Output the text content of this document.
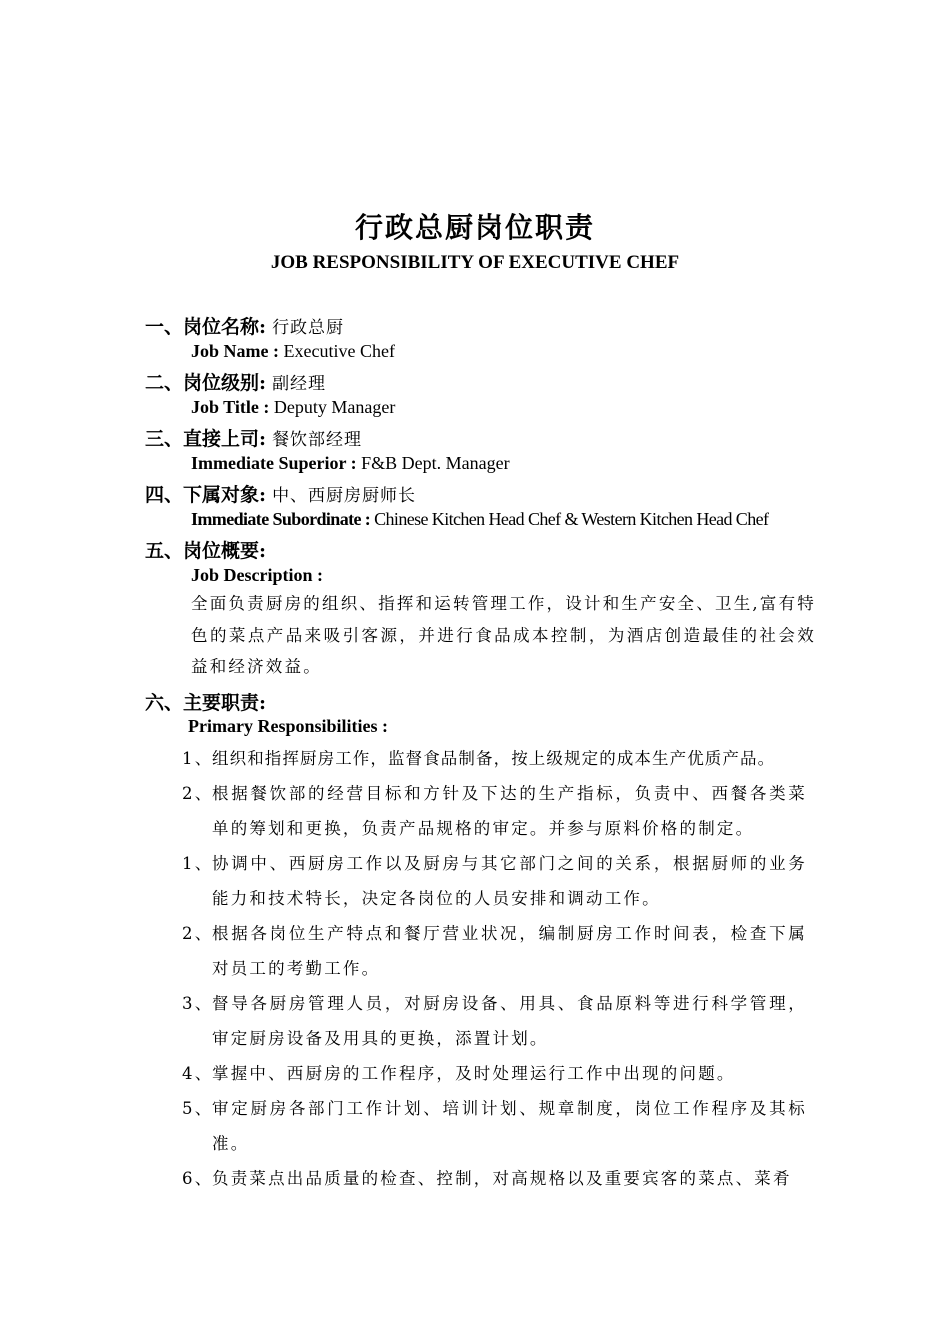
行政总厨岗位职责
JOB RESPONSIBILITY OF EXECUTIVE CHEF
一、岗位名称: 行政总厨
Job Name : Executive Chef
二、岗位级别: 副经理
Job Title : Deputy Manager
三、直接上司: 餐饮部经理
Immediate Superior : F&B Dept. Manager
四、下属对象: 中、西厨房厨师长
Immediate Subordinate : Chinese Kitchen Head Chef & Western Kitchen Head Chef
五、岗位概要:
Job Description :
全面负责厨房的组织、指挥和运转管理工作，设计和生产安全、卫生,富有特色的菜点产品来吸引客源，并进行食品成本控制，为酒店创造最佳的社会效益和经济效益。
六、主要职责:
Primary Responsibilities :
1、
组织和指挥厨房工作，监督食品制备，按上级规定的成本生产优质产品。
2、
根据餐饮部的经营目标和方针及下达的生产指标，负责中、西餐各类菜单的筹划和更换，负责产品规格的审定。并参与原料价格的制定。
1、
协调中、西厨房工作以及厨房与其它部门之间的关系，根据厨师的业务能力和技术特长，决定各岗位的人员安排和调动工作。
2、
根据各岗位生产特点和餐厅营业状况，编制厨房工作时间表，检查下属对员工的考勤工作。
3、
督导各厨房管理人员，对厨房设备、用具、食品原料等进行科学管理，审定厨房设备及用具的更换，添置计划。
4、
掌握中、西厨房的工作程序，及时处理运行工作中出现的问题。
5、
审定厨房各部门工作计划、培训计划、规章制度，岗位工作程序及其标准。
6、
负责菜点出品质量的检查、控制，对高规格以及重要宾客的菜点、菜肴
